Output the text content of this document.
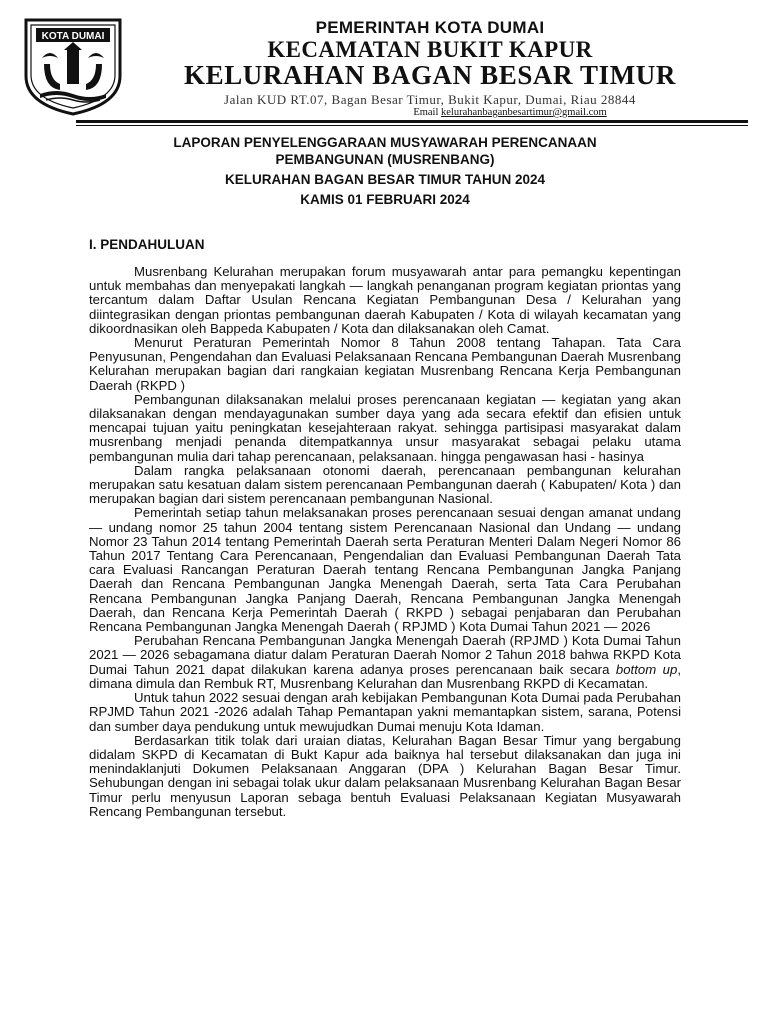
KOTA DUMAI	PEMERINTAH KOTA DUMAI
KECAMATAN BUKIT KAPUR
KELURAHAN BAGAN BESAR TIMUR
Jalan KUD RT.07, Bagan Besar Timur, Bukit Kapur, Dumai, Riau 28844
Email kelurahanbaganbesartimur@gmail.com
LAPORAN PENYELENGGARAAN MUSYAWARAH PERENCANAAN
PEMBANGUNAN (MUSRENBANG)
KELURAHAN BAGAN BESAR TIMUR TAHUN 2024
KAMIS 01 FEBRUARI 2024
I. PENDAHULUAN

Musrenbang Kelurahan merupakan forum musyawarah antar para pemangku kepentingan untuk membahas dan menyepakati langkah — langkah penanganan program kegiatan priontas yang tercantum dalam Daftar Usulan Rencana Kegiatan Pembangunan Desa / Kelurahan yang diintegrasikan dengan priontas pembangunan daerah Kabupaten / Kota di wilayah kecamatan yang dikoordnasikan oleh Bappeda Kabupaten / Kota dan dilaksanakan oleh Camat.

Menurut Peraturan Pemerintah Nomor 8 Tahun 2008 tentang Tahapan. Tata Cara Penyusunan, Pengendahan dan Evaluasi Pelaksanaan Rencana Pembangunan Daerah Musrenbang Kelurahan merupakan bagian dari rangkaian kegiatan Musrenbang Rencana Kerja Pembangunan Daerah (RKPD )

Pembangunan dilaksanakan melalui proses perencanaan kegiatan — kegiatan yang akan dilaksanakan dengan mendayagunakan sumber daya yang ada secara efektif dan efisien untuk mencapai tujuan yaitu peningkatan kesejahteraan rakyat. sehingga partisipasi masyarakat dalam musrenbang menjadi penanda ditempatkannya unsur masyarakat sebagai pelaku utama pembangunan mulia dari tahap perencanaan, pelaksanaan. hingga pengawasan hasi - hasinya

Dalam rangka pelaksanaan otonomi daerah, perencanaan pembangunan kelurahan merupakan satu kesatuan dalam sistem perencanaan Pembangunan daerah ( Kabupaten/ Kota ) dan merupakan bagian dari sistem perencanaan pembangunan Nasional.

Pemerintah setiap tahun melaksanakan proses perencanaan sesuai dengan amanat undang — undang nomor 25 tahun 2004 tentang sistem Perencanaan Nasional dan Undang — undang Nomor 23 Tahun 2014 tentang Pemerintah Daerah serta Peraturan Menteri Dalam Negeri Nomor 86 Tahun 2017 Tentang Cara Perencanaan, Pengendalian dan Evaluasi Pembangunan Daerah Tata cara Evaluasi Rancangan Peraturan Daerah tentang Rencana Pembangunan Jangka Panjang Daerah dan Rencana Pembangunan Jangka Menengah Daerah, serta Tata Cara Perubahan Rencana Pembangunan Jangka Panjang Daerah, Rencana Pembangunan Jangka Menengah Daerah, dan Rencana Kerja Pemerintah Daerah ( RKPD ) sebagai penjabaran dan Perubahan Rencana Pembangunan Jangka Menengah Daerah ( RPJMD ) Kota Dumai Tahun 2021 — 2026

Perubahan Rencana Pembangunan Jangka Menengah Daerah (RPJMD ) Kota Dumai Tahun 2021 — 2026 sebagamana diatur dalam Peraturan Daerah Nomor 2 Tahun 2018 bahwa RKPD Kota Dumai Tahun 2021 dapat dilakukan karena adanya proses perencanaan baik secara bottom up, dimana dimula dan Rembuk RT, Musrenbang Kelurahan dan Musrenbang RKPD di Kecamatan.

Untuk tahun 2022 sesuai dengan arah kebijakan Pembangunan Kota Dumai pada Perubahan RPJMD Tahun 2021 -2026 adalah Tahap Pemantapan yakni memantapkan sistem, sarana, Potensi dan sumber daya pendukung untuk mewujudkan Dumai menuju Kota Idaman.

Berdasarkan titik tolak dari uraian diatas, Kelurahan Bagan Besar Timur yang bergabung didalam SKPD di Kecamatan di Bukt Kapur ada baiknya hal tersebut dilaksanakan dan juga ini menindaklanjuti Dokumen Pelaksanaan Anggaran (DPA ) Kelurahan Bagan Besar Timur. Sehubungan dengan ini sebagai tolak ukur dalam pelaksanaan Musrenbang Kelurahan Bagan Besar Timur perlu menyusun Laporan sebaga bentuh Evaluasi Pelaksanaan Kegiatan Musyawarah Rencang Pembangunan tersebut.
